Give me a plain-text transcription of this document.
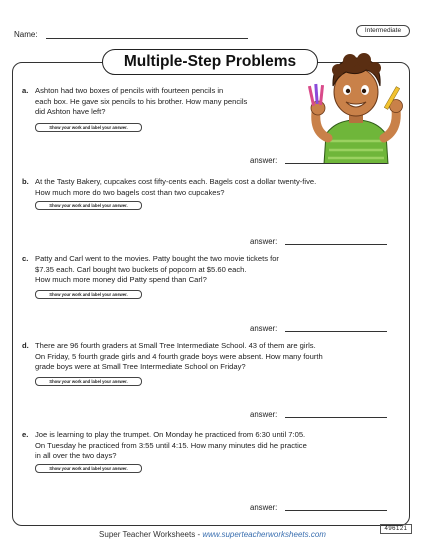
Name:	Intermediate
Multiple-Step Problems
a. Ashton had two boxes of pencils with fourteen pencils in
each box. He gave six pencils to his brother. How many pencils
did Ashton have left?
Show your work and label your answer.
answer:
b. At the Tasty Bakery, cupcakes cost fifty-cents each. Bagels cost a dollar twenty-five.
How much more do two bagels cost than two cupcakes?
Show your work and label your answer.
answer:
c. Patty and Carl went to the movies. Patty bought the two movie tickets for
$7.35 each. Carl bought two buckets of popcorn at $5.60 each.
How much more money did Patty spend than Carl?
Show your work and label your answer.
answer:
d. There are 96 fourth graders at Small Tree Intermediate School. 43 of them are girls.
On Friday, 5 fourth grade girls and 4 fourth grade boys were absent. How many fourth
grade boys were at Small Tree Intermediate School on Friday?
Show your work and label your answer.
answer:
e. Joe is learning to play the trumpet. On Monday he practiced from 6:30 until 7:05.
On Tuesday he practiced from 3:55 until 4:15. How many minutes did he practice
in all over the two days?
Show your work and label your answer.
answer:
Super Teacher Worksheets - www.superteacherworksheets.com
496121
